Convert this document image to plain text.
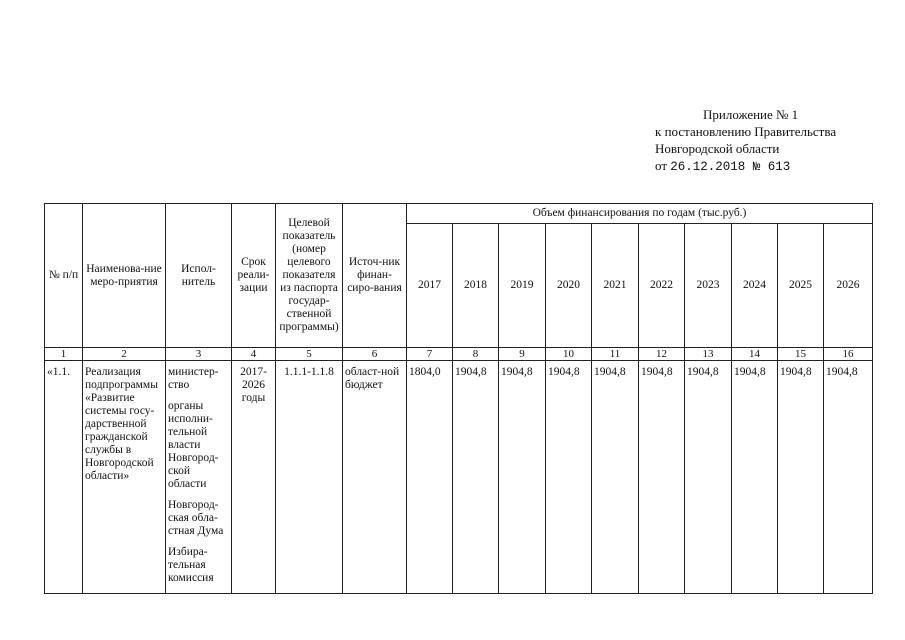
Приложение № 1
к постановлению Правительства
Новгородской области
от 26.12.2018 № 613
№ п/п	Наименова-ние меро-приятия	Испол-нитель	Срок реали-зации	Целевой показатель (номер целевого показателя из паспорта государ-ственной программы)	Источ-ник финан-сиро-вания	Объем финансирования по годам (тыс.руб.)									
						2017	2018	2019	2020	2021	2022	2023	2024	2025	2026
1	2	3	4	5	6	7	8	9	10	11	12	13	14	15	16
«1.1.	Реализация подпрограммы «Развитие системы госу-дарственной гражданской службы в Новгородской области»	министер-ство

органы исполни-тельной власти Новгород-ской области

Новгород-ская обла-стная Дума

Избира-тельная комиссия	2017-2026 годы	1.1.1-1.1.8	област-ной бюджет	1804,0	1904,8	1904,8	1904,8	1904,8	1904,8	1904,8	1904,8	1904,8	1904,8
